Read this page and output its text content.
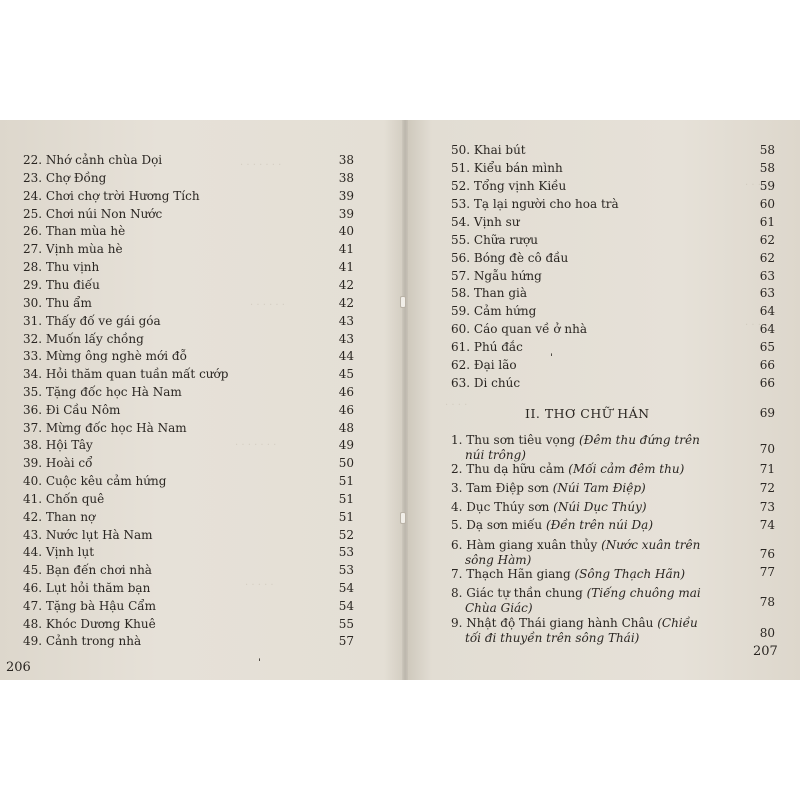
· · · · · · ·
· · · · · ·
· · · · · · ·
· · · · ·
22. Nhớ cảnh chùa Dọi	38
23. Chợ Đồng	38
24. Chơi chợ trời Hương Tích	39
25. Chơi núi Non Nước	39
26. Than mùa hè	40
27. Vịnh mùa hè	41
28. Thu vịnh	41
29. Thu điếu	42
30. Thu ẩm	42
31. Thấy đố ve gái góa	43
32. Muốn lấy chồng	43
33. Mừng ông nghè mới đỗ	44
34. Hỏi thăm quan tuần mất cướp	45
35. Tặng đốc học Hà Nam	46
36. Đi Cầu Nôm	46
37. Mừng đốc học Hà Nam	48
38. Hội Tây	49
39. Hoài cổ	50
40. Cuộc kêu cảm hứng	51
41. Chốn quê	51
42. Than nợ	51
43. Nước lụt Hà Nam	52
44. Vịnh lụt	53
45. Bạn đến chơi nhà	53
46. Lụt hỏi thăm bạn	54
47. Tặng bà Hậu Cẩm	54
48. Khóc Dương Khuê	55
49. Cảnh trong nhà	57
206	ˈ
· · ·
· · ·
· · · ·
50. Khai bút	58
51. Kiểu bán mình	58
52. Tổng vịnh Kiều	59
53. Tạ lại người cho hoa trà	60
54. Vịnh sư	61
55. Chữa rượu	62
56. Bóng đè cô đầu	62
57. Ngẫu hứng	63
58. Than già	63
59. Cảm hứng	64
60. Cáo quan về ở nhà	64
61. Phú đắc	65
62. Đại lão	66
63. Di chúc	66
ˈ
II. THƠ CHỮ HÁN	69
1. Thu sơn tiêu vọng (Đêm thu đứng trên
núi trông)	70
2. Thu dạ hữu cảm (Mối cảm đêm thu)	71
3. Tam Điệp sơn (Núi Tam Điệp)	72
4. Dục Thúy sơn (Núi Dục Thúy)	73
5. Dạ sơn miếu (Đền trên núi Dạ)	74
6. Hàm giang xuân thủy (Nước xuân trên
sông Hàm)	76
7. Thạch Hãn giang (Sông Thạch Hãn)	77
8. Giác tự thần chung (Tiếng chuông mai
Chùa Giác)	78
9. Nhật độ Thái giang hành Châu (Chiều
tối đi thuyền trên sông Thái)	80
207
